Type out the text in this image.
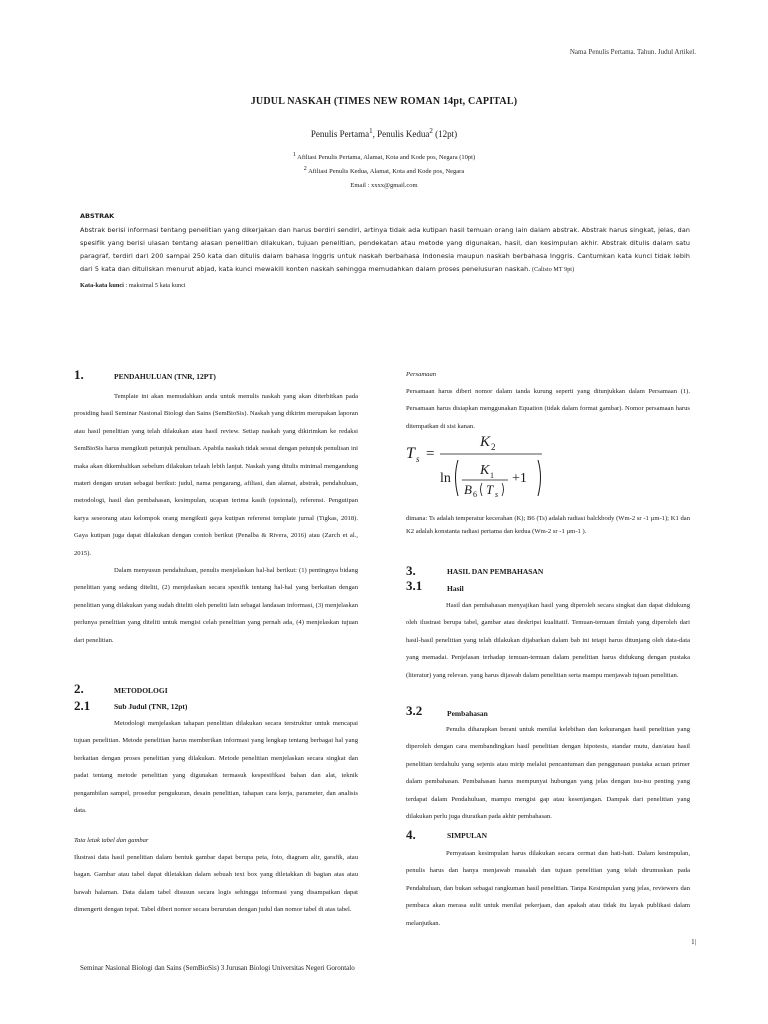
Nama Penulis Pertama. Tahun. Judul Artikel.
JUDUL NASKAH (TIMES NEW ROMAN 14pt, CAPITAL)
Penulis Pertama$^1$, Penulis Kedua$^2$ (12pt)
$^1$ Afiliasi Penulis Pertama, Alamat, Kota and Kode pos, Negara (10pt)
$^2$ Afiliasi Penulis Kedua, Alamat, Kota and Kode pos, Negara
Email : xxxx@gmail.com
ABSTRAK
Abstrak berisi informasi tentang penelitian yang dikerjakan dan harus berdiri sendiri, artinya tidak ada kutipan hasil temuan orang lain dalam abstrak. Abstrak harus singkat, jelas, dan spesifik yang berisi ulasan tentang alasan penelitian dilakukan, tujuan penelitian, pendekatan atau metode yang digunakan, hasil, dan kesimpulan akhir. Abstrak ditulis dalam satu paragraf, terdiri dari 200 sampai 250 kata dan ditulis dalam bahasa Inggris untuk naskah berbahasa Indonesia maupun naskah berbahasa Inggris. Cantumkan kata kunci tidak lebih dari 5 kata dan dituliskan menurut abjad, kata kunci mewakili konten naskah sehingga memudahkan dalam proses penelusuran naskah. (Calisto MT 9pt)
Kata-kata kunci : maksimal 5 kata kunci
1.	PENDAHULUAN (TNR, 12PT)

Template ini akan memudahkan anda untuk menulis naskah yang akan diterbitkan pada prosiding hasil Seminar Nasional Biologi dan Sains (SemBioSis). Naskah yang dikirim merupakan laporan atau hasil penelitian yang telah dilakukan atau hasil review. Setiap naskah yang dikirimkan ke redaksi SemBioSis harus mengikuti petunjuk penulisan. Apabila naskah tidak sesuai dengan petunjuk penulisan ini maka akan dikembalikan sebelum dilakukan telaah lebih lanjut. Naskah yang ditulis minimal mengandung materi dengan urutan sebagai berikut: judul, nama pengarang, afiliasi, dan alamat, abstrak, pendahuluan, metodologi, hasil dan pembahasan, kesimpulan, ucapan terima kasih (opsional), referensi. Pengutipan karya seseorang atau kelompok orang mengikuti gaya kutipan referensi template jurnal (Tigkas, 2018). Gaya kutipan juga dapat dilakukan dengan contoh berikut (Penalba & Rivera, 2016) atau (Zarch et al., 2015).

Dalam menyusun pendahuluan, penulis menjelaskan hal-hal berikut: (1) pentingnya bidang penelitian yang sedang diteliti, (2) menjelaskan secara spesifik tentang hal-hal yang berkaitan dengan penelitian yang dilakukan yang sudah diteliti oleh peneliti lain sebagai landasan informasi, (3) menjelaskan perlunya penelitian yang diteliti untuk mengisi celah penelitian yang pernah ada, (4) menjelaskan tujuan dari penelitian.

2.	METODOLOGI
2.1	Sub Judul (TNR, 12pt)

Metodologi menjelaskan tahapan penelitian dilakukan secara terstruktur untuk mencapai tujuan penelitian. Metode penelitian harus memberikan informasi yang lengkap tentang berbagai hal yang berkaitan dengan proses penelitian yang dilakukan. Metode penelitian menjelaskan secara singkat dan padat tentang metode penelitian yang digunakan termasuk kespesifikasi bahan dan alat, teknik pengambilan sampel, prosedur pengukuran, desain penelitian, tahapan cara kerja, parameter, dan analisis data.

Tata letak tabel dan gambar

Ilustrasi data hasil penelitian dalam bentuk gambar dapat berupa peta, foto, diagram alir, garafik, atau bagan. Gambar atau tabel dapat diletakkan dalam sebuah text box yang diletakkan di bagian atas atau bawah halaman. Data dalam tabel disusun secara logis sehingga informasi yang disampaikan dapat dimengerti dengan tepat. Tabel diberi nomor secara berurutan dengan judul dan nomor tabel di atas tabel.

Persamaan

Persamaan harus diberi nomor dalam tanda kurung seperti yang ditunjukkan dalam Persamaan (1). Persamaan harus disiapkan menggunakan Equation (tidak dalam format gambar). Nomor persamaan harus ditempatkan di sisi kanan.

T s =
K 2
ln
K 1
B 6 T s
+1

dimana: Ts adalah temperatur kecerahan (K); B6 (Ts) adalah radiasi balckbody (Wm-2 sr -1 µm-1); K1 dan K2 adalah konstanta radiasi pertama dan kedua (Wm-2 sr -1 µm-1 ).

3.	HASIL DAN PEMBAHASAN
3.1	Hasil

Hasil dan pembahasan menyajikan hasil yang diperoleh secara singkat dan dapat didukung oleh ilustrasi berupa tabel, gambar atau deskripsi kualitatif. Temuan-temuan ilmiah yang diperoleh dari hasil-hasil penelitian yang telah dilakukan dijabarkan dalam bab ini tetapi harus ditunjang oleh data-data yang memadai. Penjelasan terhadap temuan-temuan dalam penelitian harus didukung dengan pustaka (literatur) yang relevan. yang harus dijawab dalam penelitian serta mampu menjawab tujuan penelitian.

3.2	Pembahasan

Penulis diharapkan berani untuk menilai kelebihan dan kekurangan hasil penelitian yang diperoleh dengan cara membandingkan hasil penelitian dengan hipotesis, standar mutu, dan/atau hasil penelitian terdahulu yang sejenis atau mirip melalui pencantuman dan penggunaan pustaka acuan primer dalam pembahasan. Pembahasan harus mempunyai hubungan yang jelas dengan isu-isu penting yang terdapat dalam Pendahuluan, mampu mengisi gap atau kesenjangan. Dampak dari penelitian yang dilakukan perlu juga diuraikan pada akhir pembahasan.

4.	SIMPULAN

Pernyataan kesimpulan harus dilakukan secara cermat dan hati-hati. Dalam kesimpulan, penulis harus dan hanya menjawab masalah dan tujuan penelitian yang telah dirumuskan pada Pendahuluan, dan bukan sebagai rangkuman hasil penelitian. Tanpa Kesimpulan yang jelas, reviewers dan pembaca akan merasa sulit untuk menilai pekerjaan, dan apakah atau tidak itu layak publikasi dalam melanjutkan.

1|
Seminar Nasional Biologi dan Sains (SemBioSis) 3 Jurusan Biologi Universitas Negeri Gorontalo
